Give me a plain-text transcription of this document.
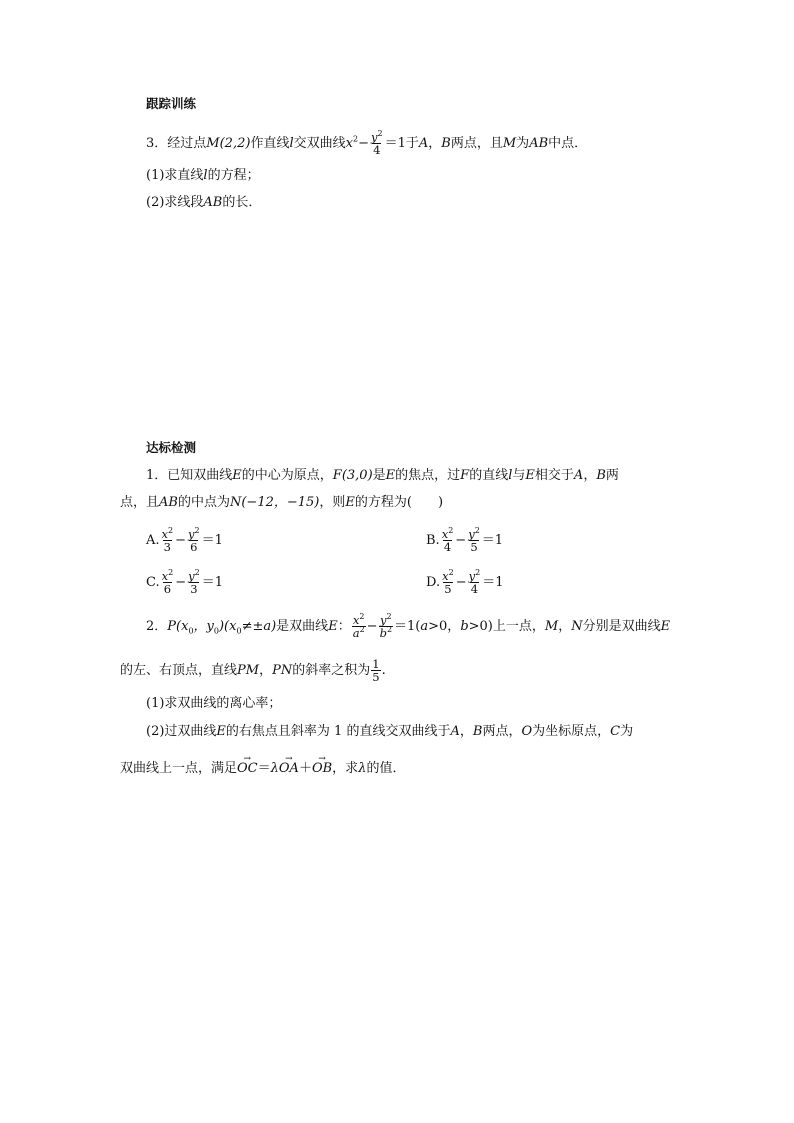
跟踪训练
3．经过点M(2,2)作直线l交双曲线$x^2- \frac{y^2}{4} =1$于A，B两点，且M为AB中点．
(1)求直线l的方程；
(2)求线段AB的长．
达标检测
1．已知双曲线E的中心为原点，F(3,0)是E的焦点，过F的直线l与E相交于A，B两
点，且AB的中点为N(−12，−15)，则E的方程为(　　)
A. $\frac{x^2}{3} - \frac{y^2}{6} =1$	B. $\frac{x^2}{4} - \frac{y^2}{5} =1$
C. $\frac{x^2}{6} - \frac{y^2}{3} =1$	D. $\frac{x^2}{5} - \frac{y^2}{4} =1$
2．$P(x_0$，$y_0)(x_0\ne\pm a)$是双曲线E： $\frac{x^2}{a^2} - \frac{y^2}{b^2} =1(a>0$，b>0)上一点，M，N分别是双曲线E
的左、右顶点，直线PM，PN的斜率之积为 $\frac{1}{5}$ .
(1)求双曲线的离心率；
(2)过双曲线E的右焦点且斜率为 1 的直线交双曲线于A，B两点，O为坐标原点，C为
双曲线上一点，满足→ OC＝λ→ OA＋→ OB，求λ的值．
